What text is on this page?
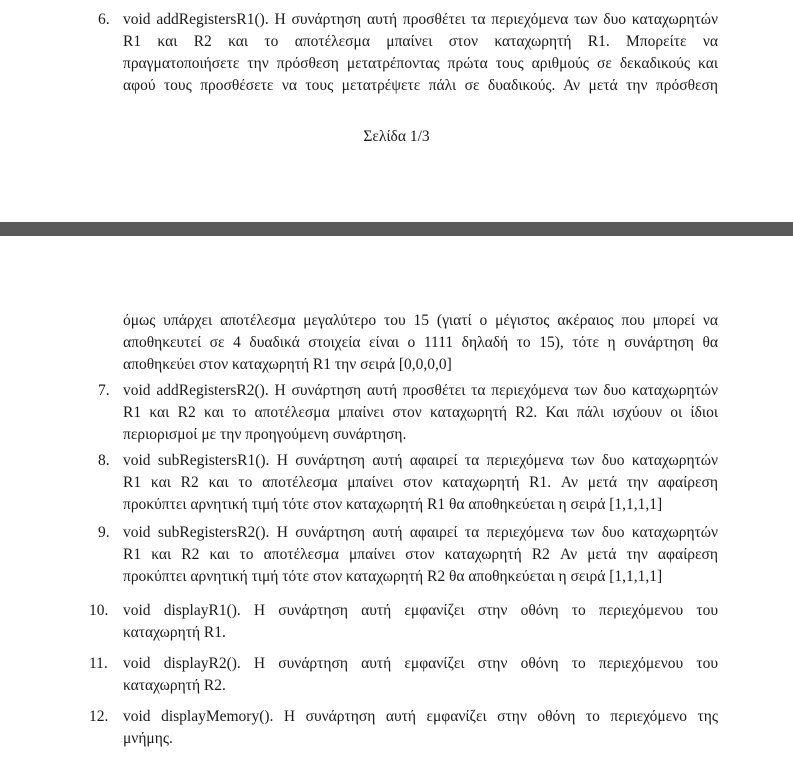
6. void addRegistersR1(). Η συνάρτηση αυτή προσθέτει τα περιεχόμενα των δυο καταχωρητών
R1 και R2 και το αποτέλεσμα μπαίνει στον καταχωρητή R1. Μπορείτε να
πραγματοποιήσετε την πρόσθεση μετατρέποντας πρώτα τους αριθμούς σε δεκαδικούς και
αφού τους προσθέσετε να τους μετατρέψετε πάλι σε δυαδικούς. Αν μετά την πρόσθεση
Σελίδα 1/3
όμως υπάρχει αποτέλεσμα μεγαλύτερο του 15 (γιατί ο μέγιστος ακέραιος που μπορεί να
αποθηκευτεί σε 4 δυαδικά στοιχεία είναι ο 1111 δηλαδή το 15), τότε η συνάρτηση θα
αποθηκεύει στον καταχωρητή R1 την σειρά [0,0,0,0]
7. void addRegistersR2(). Η συνάρτηση αυτή προσθέτει τα περιεχόμενα των δυο καταχωρητών
R1 και R2 και το αποτέλεσμα μπαίνει στον καταχωρητή R2. Και πάλι ισχύουν οι ίδιοι
περιορισμοί με την προηγούμενη συνάρτηση.
8. void subRegistersR1(). Η συνάρτηση αυτή αφαιρεί τα περιεχόμενα των δυο καταχωρητών
R1 και R2 και το αποτέλεσμα μπαίνει στον καταχωρητή R1. Αν μετά την αφαίρεση
προκύπτει αρνητική τιμή τότε στον καταχωρητή R1 θα αποθηκεύεται η σειρά [1,1,1,1]
9. void subRegistersR2(). Η συνάρτηση αυτή αφαιρεί τα περιεχόμενα των δυο καταχωρητών
R1 και R2 και το αποτέλεσμα μπαίνει στον καταχωρητή R2 Αν μετά την αφαίρεση
προκύπτει αρνητική τιμή τότε στον καταχωρητή R2 θα αποθηκεύεται η σειρά [1,1,1,1]
10. void displayR1(). Η συνάρτηση αυτή εμφανίζει στην οθόνη το περιεχόμενου του
καταχωρητή R1.
11. void displayR2(). Η συνάρτηση αυτή εμφανίζει στην οθόνη το περιεχόμενου του
καταχωρητή R2.
12. void displayMemory(). Η συνάρτηση αυτή εμφανίζει στην οθόνη το περιεχόμενο της
μνήμης.
